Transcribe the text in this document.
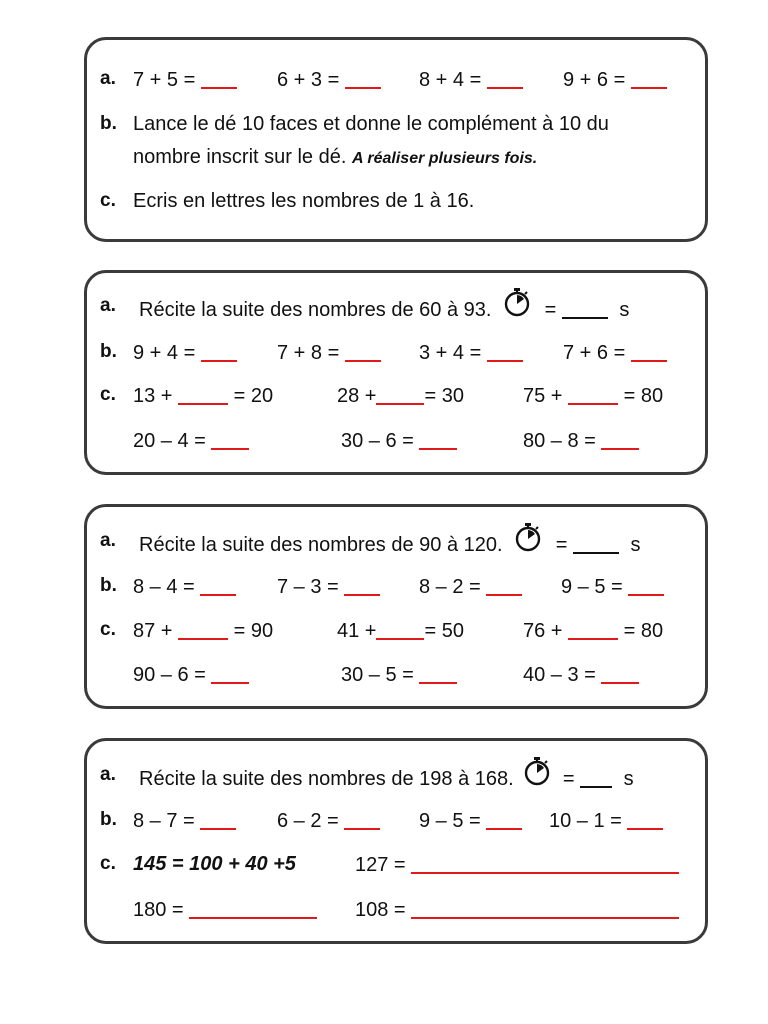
a. 7 + 5 =	6 + 3 =	8 + 4 =	9 + 6 =
b. Lance le dé 10 faces et donne le complément à 10 du
nombre inscrit sur le dé. A réaliser plusieurs fois.
c. Ecris en lettres les nombres de 1 à 16.
a. Récite la suite des nombres de 60 à 93.	=	s
b. 9 + 4 =	7 + 8 =	3 + 4 =	7 + 6 =
c. 13 +	= 20	28 + = 30	75 +	= 80
20 – 4 =	30 – 6 =	80 – 8 =
a. Récite la suite des nombres de 90 à 120.	=	s
b. 8 – 4 =	7 – 3 =	8 – 2 =	9 – 5 =
c. 87 +	= 90	41 + = 50	76 +	= 80
90 – 6 =	30 – 5 =	40 – 3 =
a. Récite la suite des nombres de 198 à 168. = s
b. 8 – 7 =	6 – 2 =	9 – 5 =	10 – 1 =
c. 145 = 100 + 40 +5	127 =
180 =	108 =
